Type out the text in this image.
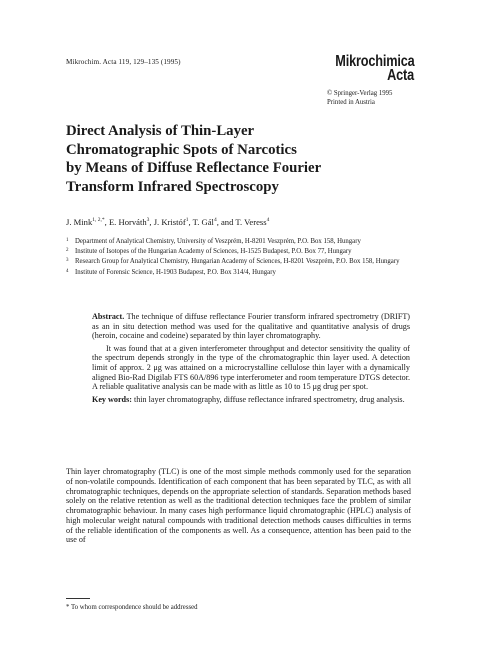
Mikrochim. Acta 119, 129–135 (1995)	Mikrochimica
Acta
© Springer-Verlag 1995
Printed in Austria
Direct Analysis of Thin-Layer
Chromatographic Spots of Narcotics
by Means of Diffuse Reflectance Fourier
Transform Infrared Spectroscopy
J. Mink$^{1, 2,*}$, E. Horváth$^3$, J. Kristóf$^1$, T. Gál$^4$, and T. Veress$^4$
1 Department of Analytical Chemistry, University of Veszprém, H-8201 Veszprém, P.O. Box 158, Hungary
2 Institute of Isotopes of the Hungarian Academy of Sciences, H-1525 Budapest, P.O. Box 77, Hungary
3 Research Group for Analytical Chemistry, Hungarian Academy of Sciences, H-8201 Veszprém, P.O. Box 158, Hungary
4 Institute of Forensic Science, H-1903 Budapest, P.O. Box 314/4, Hungary

Abstract. The technique of diffuse reflectance Fourier transform infrared spectrometry (DRIFT) as an in situ detection method was used for the qualitative and quantitative analysis of drugs (heroin, cocaine and codeine) separated by thin layer chromatography.

It was found that at a given interferometer throughput and detector sensitivity the quality of the spectrum depends strongly in the type of the chromatographic thin layer used. A detection limit of approx. 2 μg was attained on a microcrystalline cellulose thin layer with a dynamically aligned Bio-Rad Digilab FTS 60A/896 type interferometer and room temperature DTGS detector. A reliable qualitative analysis can be made with as little as 10 to 15 μg drug per spot.

Key words: thin layer chromatography, diffuse reflectance infrared spectrometry, drug analysis.

Thin layer chromatography (TLC) is one of the most simple methods commonly used for the separation of non-volatile compounds. Identification of each component that has been separated by TLC, as with all chromatographic techniques, depends on the appropriate selection of standards. Separation methods based solely on the relative retention as well as the traditional detection techniques face the problem of similar chromatographic behaviour. In many cases high performance liquid chromatographic (HPLC) analysis of high molecular weight natural compounds with traditional detection methods causes difficulties in terms of the reliable identification of the components as well. As a consequence, attention has been paid to the use of
* To whom correspondence should be addressed
